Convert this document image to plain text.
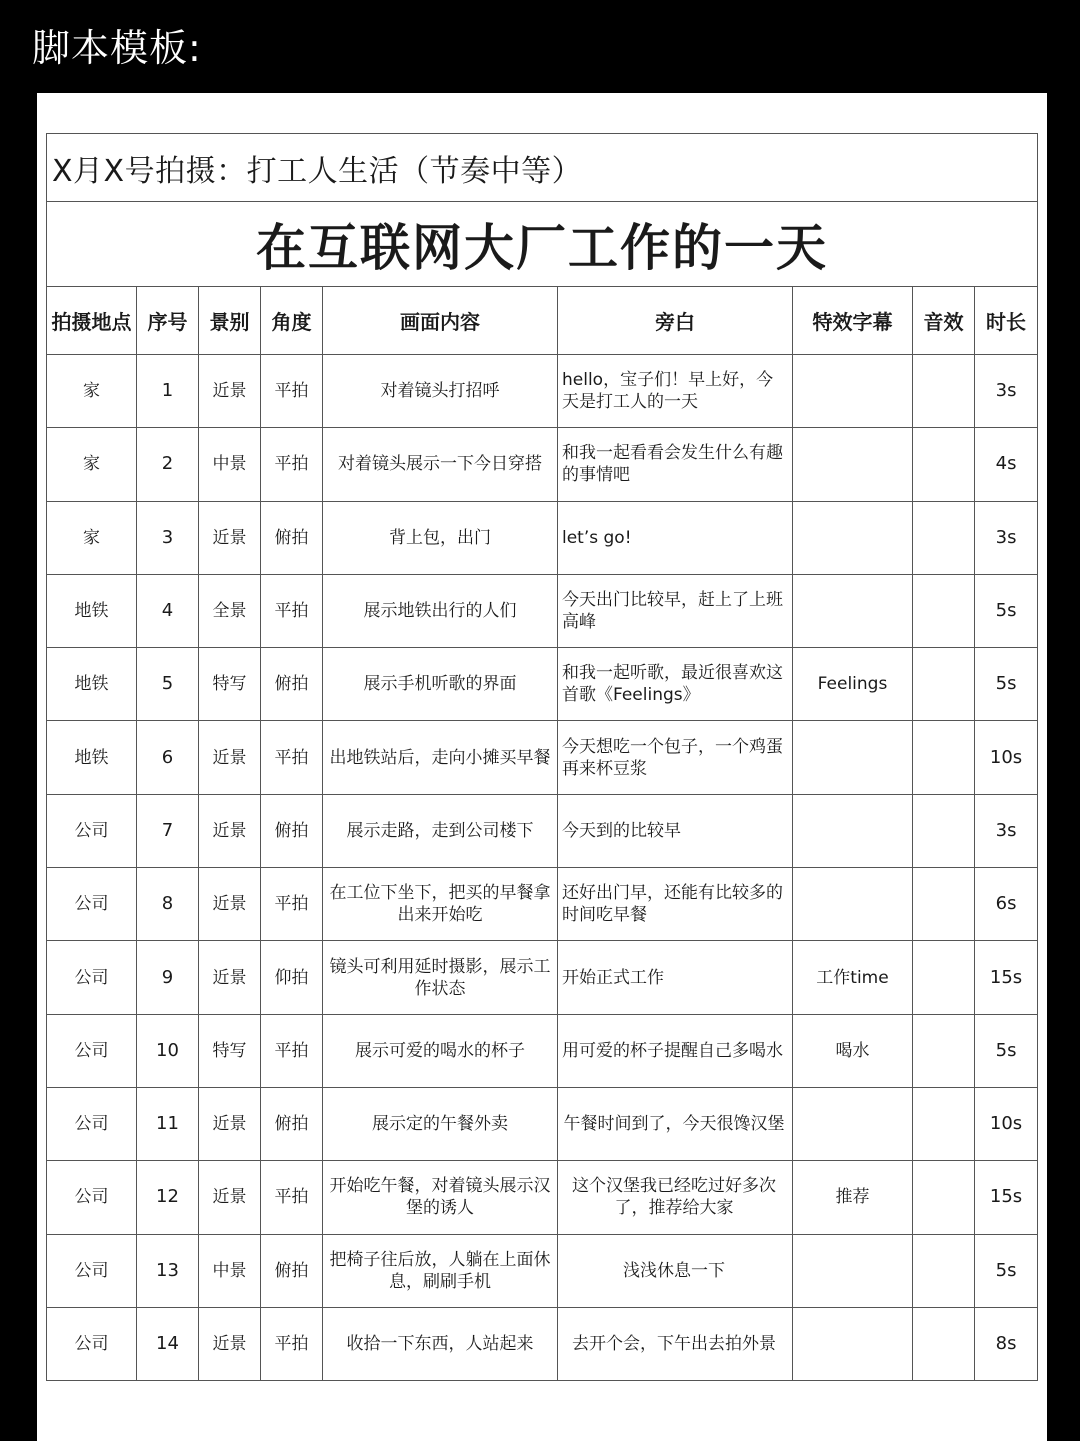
脚本模板:
X月X号拍摄：打工人生活（节奏中等）								
在互联网大厂工作的一天								
拍摄地点	序号	景别	角度	画面内容	旁白	特效字幕	音效	时长
家	1	近景	平拍	对着镜头打招呼	hello，宝子们！早上好，今天是打工人的一天			3s
家	2	中景	平拍	对着镜头展示一下今日穿搭	和我一起看看会发生什么有趣的事情吧			4s
家	3	近景	俯拍	背上包，出门	let’s go!			3s
地铁	4	全景	平拍	展示地铁出行的人们	今天出门比较早，赶上了上班高峰			5s
地铁	5	特写	俯拍	展示手机听歌的界面	和我一起听歌，最近很喜欢这首歌《Feelings》	Feelings		5s
地铁	6	近景	平拍	出地铁站后，走向小摊买早餐	今天想吃一个包子，一个鸡蛋再来杯豆浆			10s
公司	7	近景	俯拍	展示走路，走到公司楼下	今天到的比较早			3s
公司	8	近景	平拍	在工位下坐下，把买的早餐拿出来开始吃	还好出门早，还能有比较多的时间吃早餐			6s
公司	9	近景	仰拍	镜头可利用延时摄影，展示工作状态	开始正式工作	工作time		15s
公司	10	特写	平拍	展示可爱的喝水的杯子	用可爱的杯子提醒自己多喝水	喝水		5s
公司	11	近景	俯拍	展示定的午餐外卖	午餐时间到了，今天很馋汉堡			10s
公司	12	近景	平拍	开始吃午餐，对着镜头展示汉堡的诱人	这个汉堡我已经吃过好多次了，推荐给大家	推荐		15s
公司	13	中景	俯拍	把椅子往后放，人躺在上面休息，刷刷手机	浅浅休息一下			5s
公司	14	近景	平拍	收拾一下东西，人站起来	去开个会，下午出去拍外景			8s
